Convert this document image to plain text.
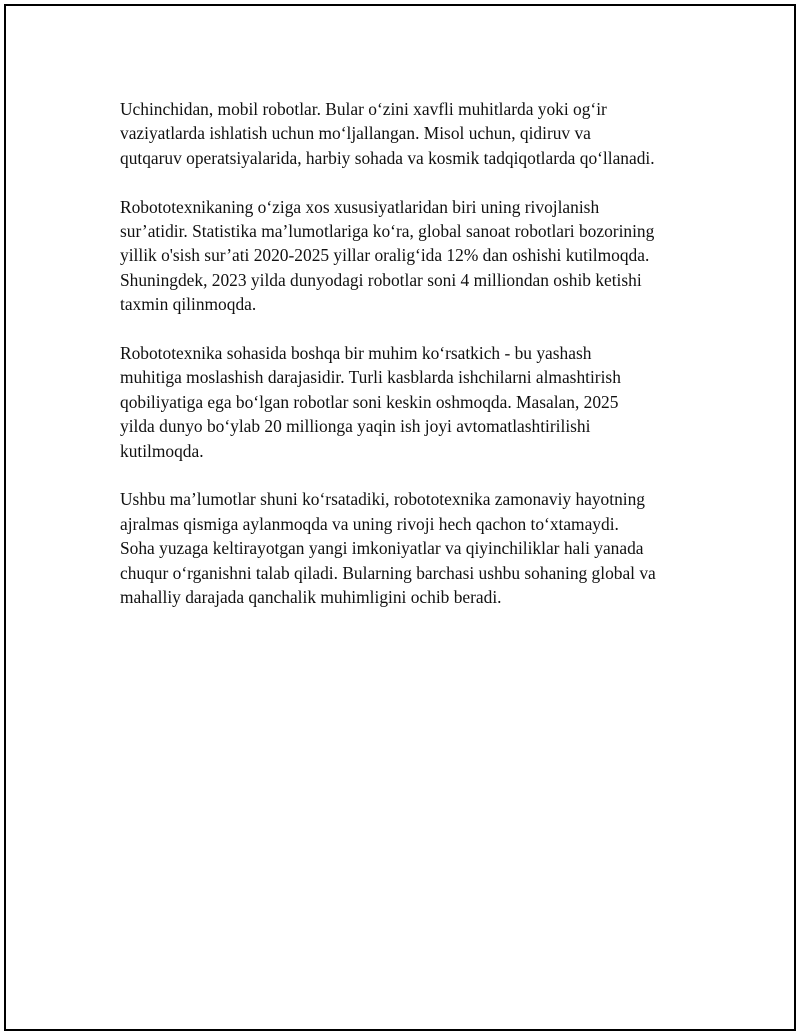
Uchinchidan, mobil robotlar. Bular o‘zini xavfli muhitlarda yoki og‘ir
vaziyatlarda ishlatish uchun mo‘ljallangan. Misol uchun, qidiruv va
qutqaruv operatsiyalarida, harbiy sohada va kosmik tadqiqotlarda qo‘llanadi.

Robototexnikaning o‘ziga xos xususiyatlaridan biri uning rivojlanish
sur’atidir. Statistika ma’lumotlariga ko‘ra, global sanoat robotlari bozorining
yillik o'sish sur’ati 2020-2025 yillar oralig‘ida 12% dan oshishi kutilmoqda.
Shuningdek, 2023 yilda dunyodagi robotlar soni 4 milliondan oshib ketishi
taxmin qilinmoqda.

Robototexnika sohasida boshqa bir muhim ko‘rsatkich - bu yashash
muhitiga moslashish darajasidir. Turli kasblarda ishchilarni almashtirish
qobiliyatiga ega bo‘lgan robotlar soni keskin oshmoqda. Masalan, 2025
yilda dunyo bo‘ylab 20 millionga yaqin ish joyi avtomatlashtirilishi
kutilmoqda.

Ushbu ma’lumotlar shuni ko‘rsatadiki, robototexnika zamonaviy hayotning
ajralmas qismiga aylanmoqda va uning rivoji hech qachon to‘xtamaydi.
Soha yuzaga keltirayotgan yangi imkoniyatlar va qiyinchiliklar hali yanada
chuqur o‘rganishni talab qiladi. Bularning barchasi ushbu sohaning global va
mahalliy darajada qanchalik muhimligini ochib beradi.
